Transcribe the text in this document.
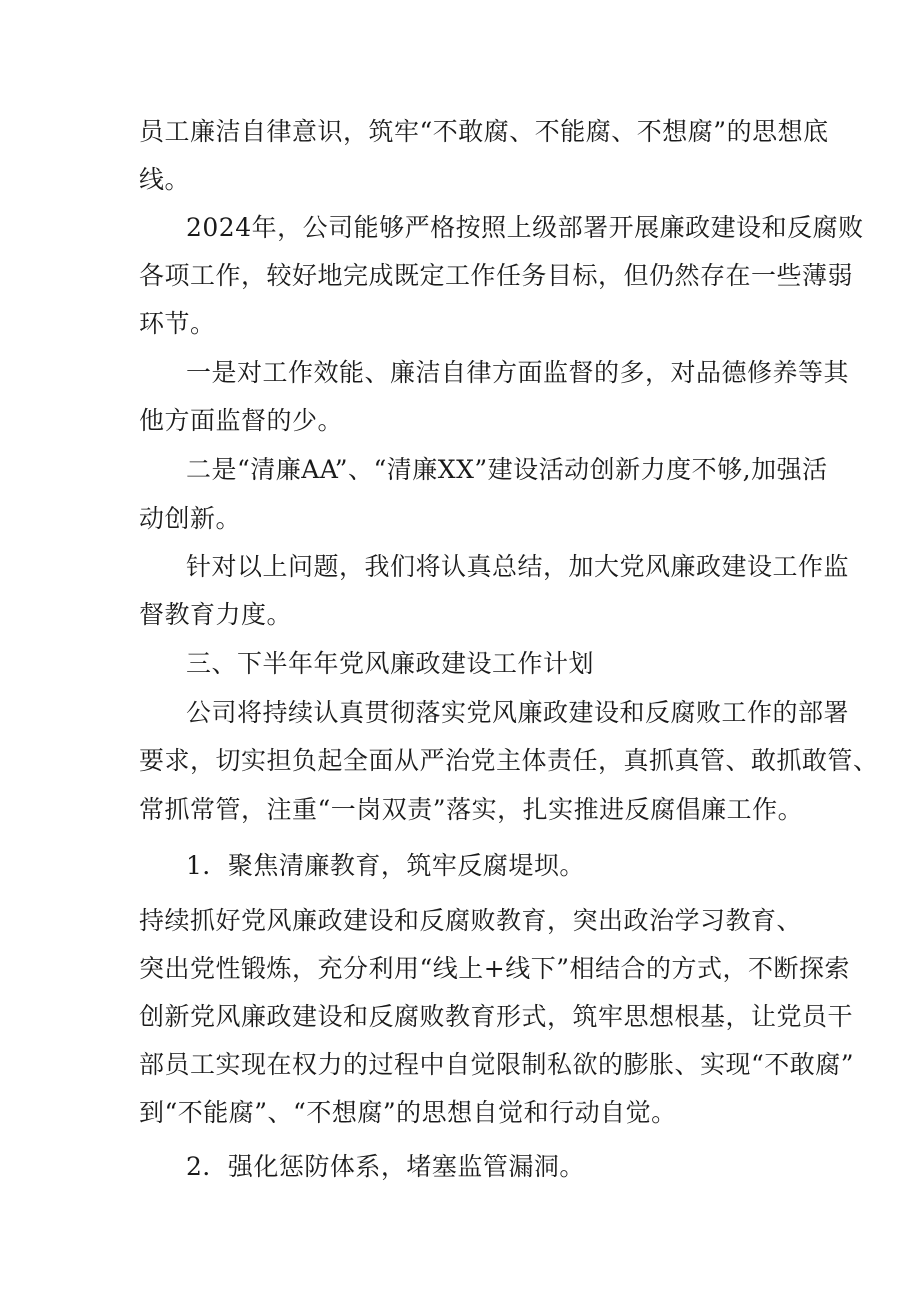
员工廉洁自律意识，筑牢“不敢腐、不能腐、不想腐”的思想底
线。
2024年，公司能够严格按照上级部署开展廉政建设和反腐败
各项工作，较好地完成既定工作任务目标，但仍然存在一些薄弱
环节。
一是对工作效能、廉洁自律方面监督的多，对品德修养等其
他方面监督的少。
二是“清廉AA”、“清廉XX”建设活动创新力度不够,加强活
动创新。
针对以上问题，我们将认真总结，加大党风廉政建设工作监
督教育力度。
三、下半年年党风廉政建设工作计划
公司将持续认真贯彻落实党风廉政建设和反腐败工作的部署
要求，切实担负起全面从严治党主体责任，真抓真管、敢抓敢管、
常抓常管，注重“一岗双责”落实，扎实推进反腐倡廉工作。
1．聚焦清廉教育，筑牢反腐堤坝。
持续抓好党风廉政建设和反腐败教育，突出政治学习教育、
突出党性锻炼，充分利用“线上+线下”相结合的方式，不断探索
创新党风廉政建设和反腐败教育形式，筑牢思想根基，让党员干
部员工实现在权力的过程中自觉限制私欲的膨胀、实现“不敢腐”
到“不能腐”、“不想腐”的思想自觉和行动自觉。
2．强化惩防体系，堵塞监管漏洞。
